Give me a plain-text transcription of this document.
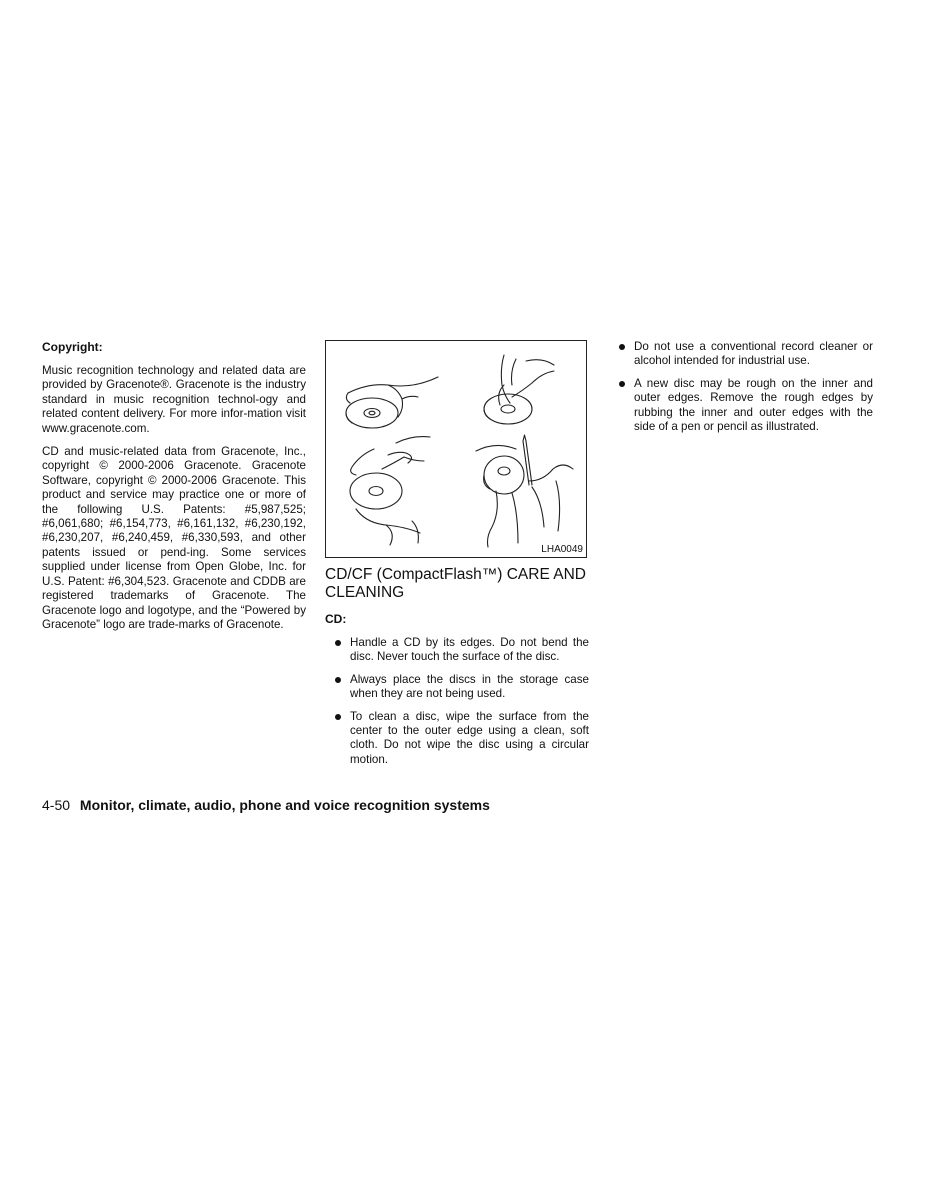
Copyright:

Music recognition technology and related data are provided by Gracenote®. Gracenote is the industry standard in music recognition technol-ogy and related content delivery. For more infor-mation visit www.gracenote.com.

CD and music-related data from Gracenote, Inc., copyright © 2000-2006 Gracenote. Gracenote Software, copyright © 2000-2006 Gracenote. This product and service may practice one or more of the following U.S. Patents: #5,987,525; #6,061,680; #6,154,773, #6,161,132, #6,230,192, #6,230,207, #6,240,459, #6,330,593, and other patents issued or pend-ing. Some services supplied under license from Open Globe, Inc. for U.S. Patent: #6,304,523. Gracenote and CDDB are registered trademarks of Gracenote. The Gracenote logo and logotype, and the “Powered by Gracenote” logo are trade-marks of Gracenote.

LHA0049
CD/CF (CompactFlash™) CARE AND CLEANING
CD:
Handle a CD by its edges. Do not bend the disc. Never touch the surface of the disc.
Always place the discs in the storage case when they are not being used.
To clean a disc, wipe the surface from the center to the outer edge using a clean, soft cloth. Do not wipe the disc using a circular motion.
Do not use a conventional record cleaner or alcohol intended for industrial use.
A new disc may be rough on the inner and outer edges. Remove the rough edges by rubbing the inner and outer edges with the side of a pen or pencil as illustrated.
4-50 Monitor, climate, audio, phone and voice recognition systems
